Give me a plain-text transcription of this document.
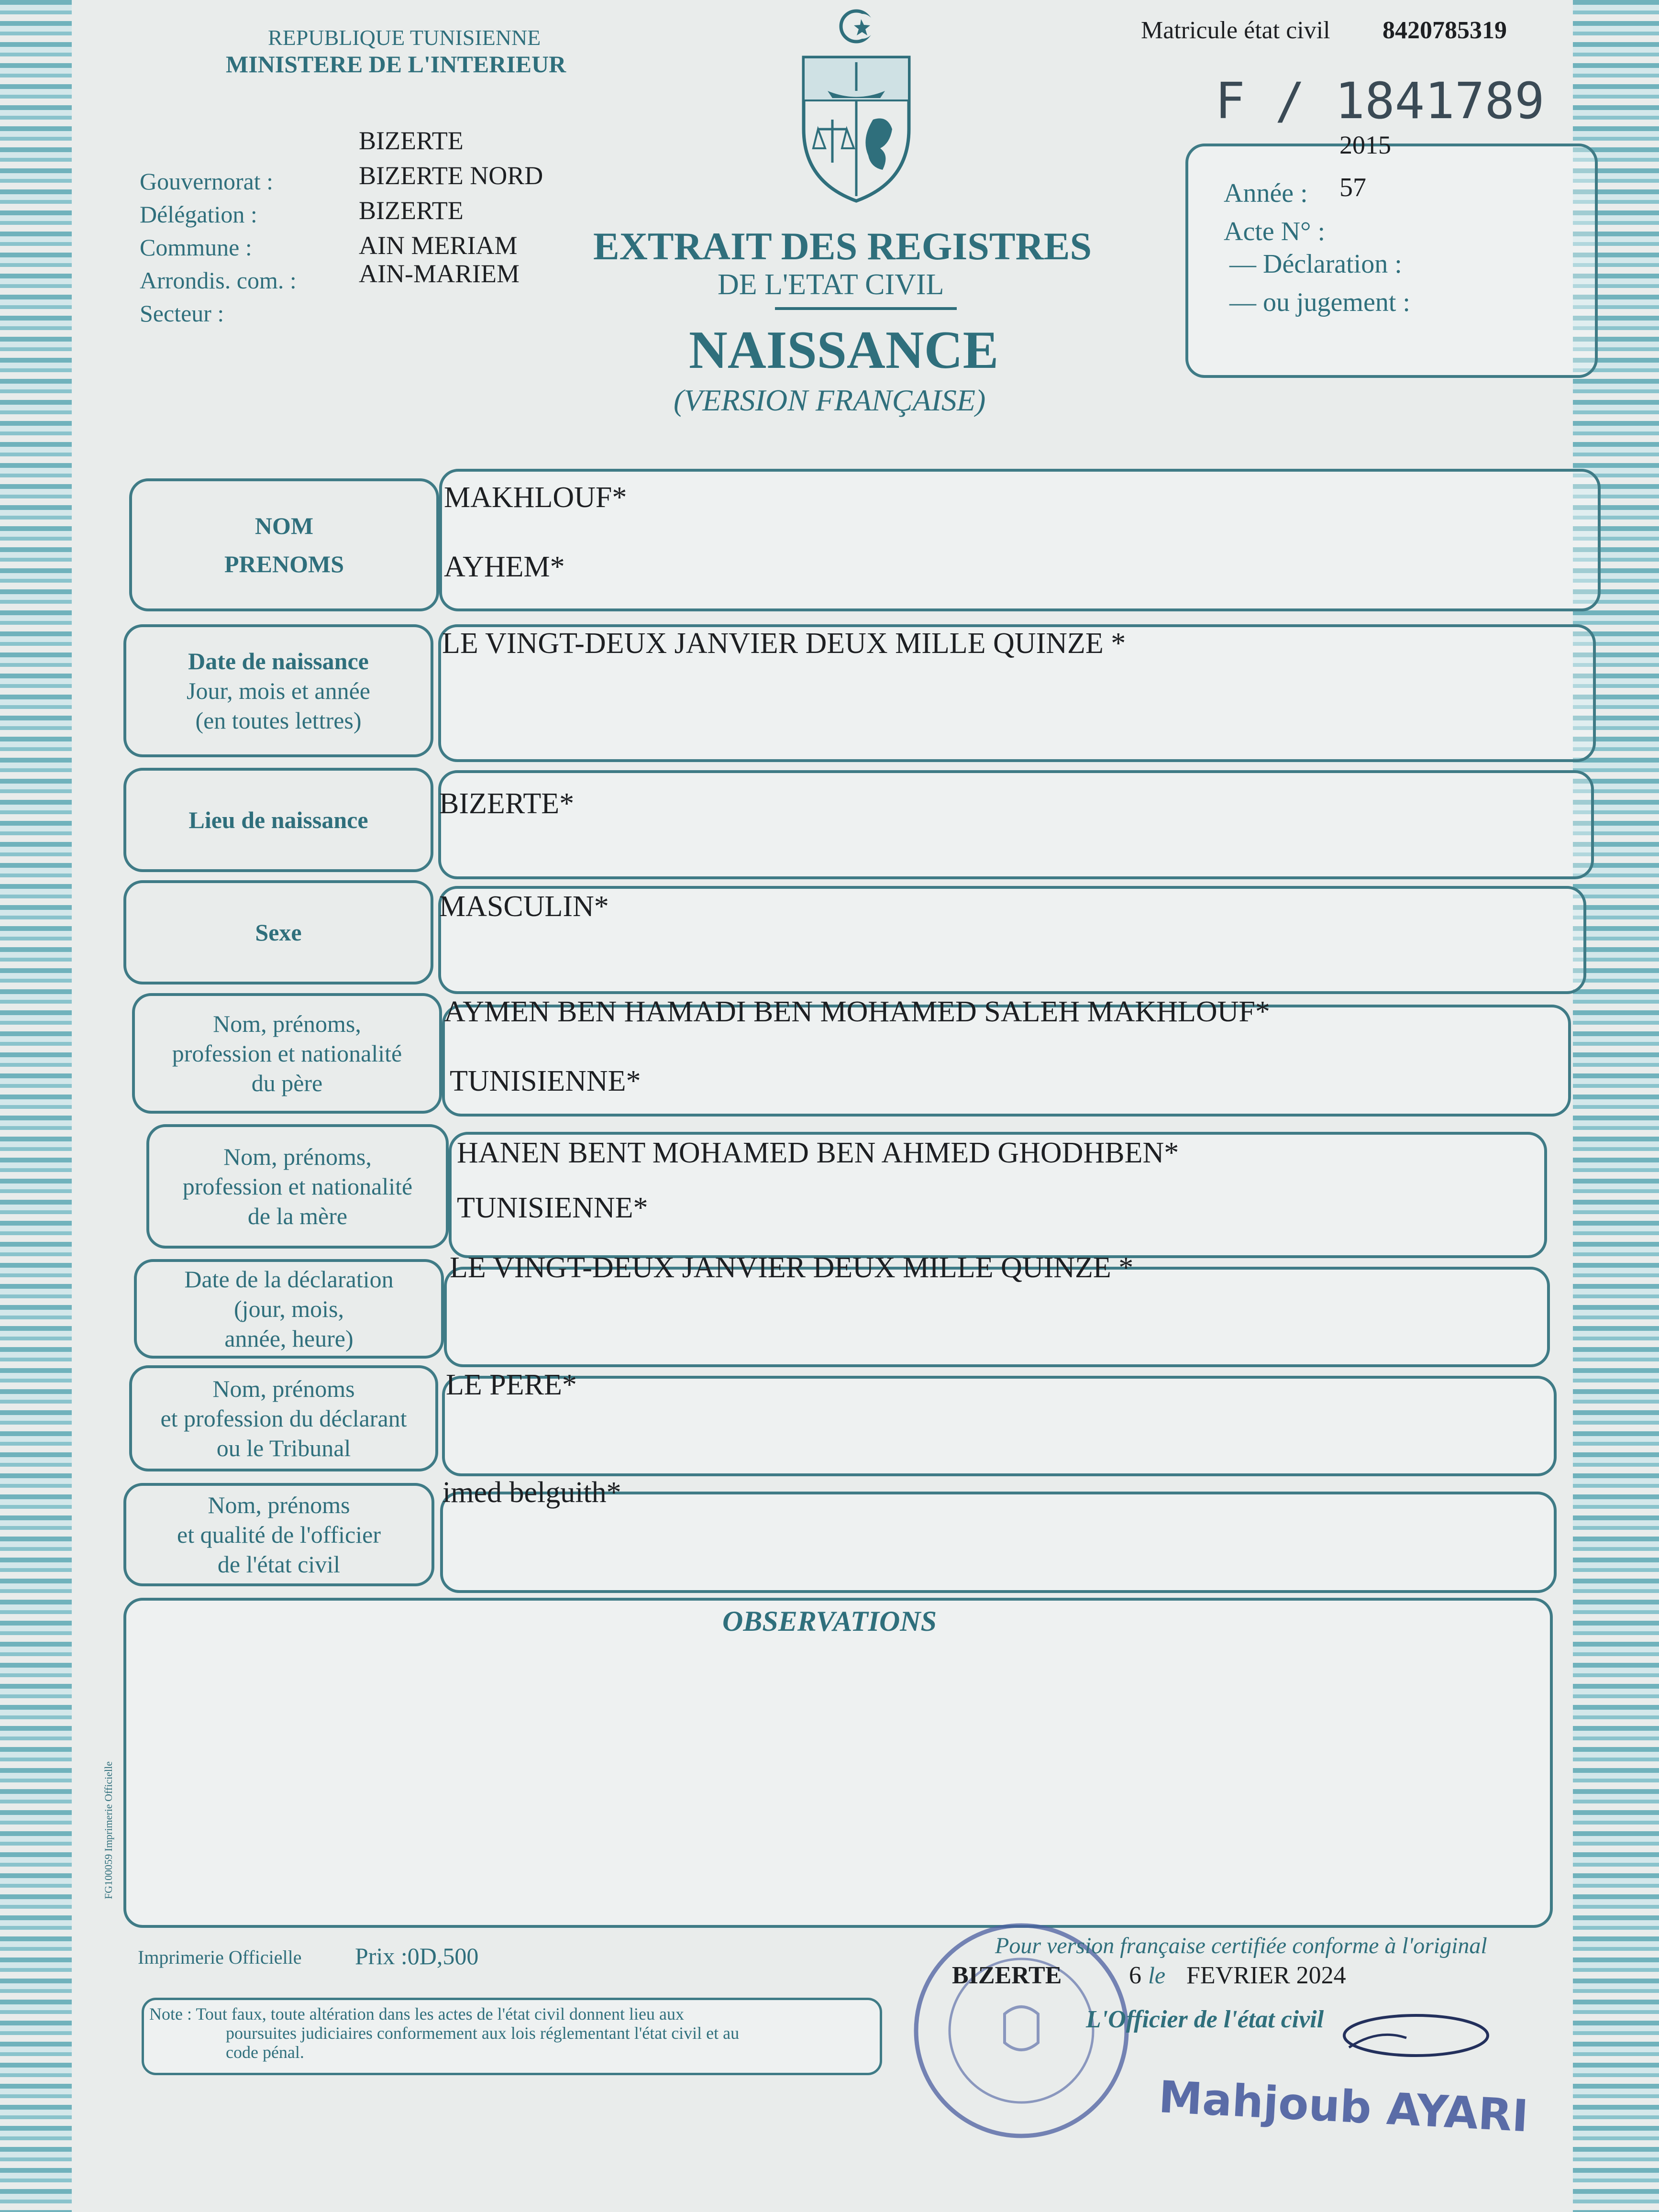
REPUBLIQUE TUNISIENNE
MINISTERE DE L'INTERIEUR
Matricule état civil 8420785319
F / 1841789
Gouvernorat :
Délégation :
Commune :
Arrondis. com. :
Secteur :
BIZERTE
BIZERTE NORD
BIZERTE
AIN MERIAM
AIN-MARIEM
EXTRAIT DES REGISTRES
DE L'ETAT CIVIL
NAISSANCE
(VERSION FRANÇAISE)
2015
Année : 57
Acte N° :
— Déclaration :
— ou jugement :
NOM
PRENOMS
MAKHLOUF*
AYHEM*
Date de naissance
Jour, mois et année
(en toutes lettres)
LE VINGT-DEUX JANVIER DEUX MILLE QUINZE *
Lieu de naissance BIZERTE*
Sexe
MASCULIN*
Nom, prénoms,
profession et nationalité
du père
AYMEN BEN HAMADI BEN MOHAMED SALEH MAKHLOUF*
TUNISIENNE*
Nom, prénoms,
profession et nationalité
de la mère
HANEN BENT MOHAMED BEN AHMED GHODHBEN*
TUNISIENNE*
Date de la déclaration
(jour, mois,
année, heure)
LE VINGT-DEUX JANVIER DEUX MILLE QUINZE *
Nom, prénoms
et profession du déclarant
ou le Tribunal
LE PERE*
Nom, prénoms
et qualité de l'officier
de l'état civil
imed belguith*
OBSERVATIONS
FG100059 Imprimerie Officielle
Imprimerie Officielle Prix :0D,500
Note : Tout faux, toute altération dans les actes de l'état civil donnent lieu aux
poursuites judiciaires conformement aux lois réglementant l'état civil et au
code pénal.
Pour version française certifiée conforme à l'original
BIZERTE	6 le FEVRIER 2024
L'Officier de l'état civil
Mahjoub AYARI
